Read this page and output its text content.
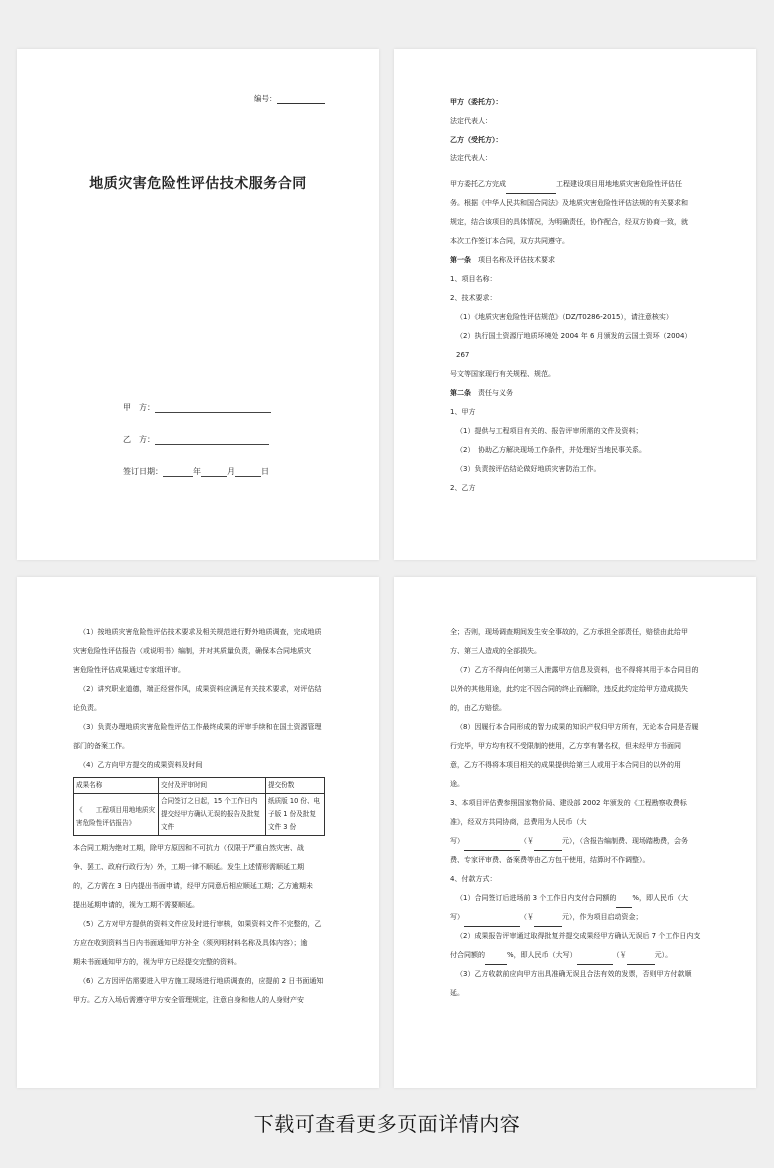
编号：
地质灾害危险性评估技术服务合同
甲　方：
乙　方：
签订日期：	年	月	日

甲方（委托方）：

法定代表人：

乙方（受托方）：

法定代表人：

甲方委托乙方完成	工程建设项目用地地质灾害危险性评估任

务。根据《中华人民共和国合同法》及地质灾害危险性评估法规的有关要求和

规定，结合该项目的具体情况，为明确责任，协作配合，经双方协商一致，就

本次工作签订本合同，双方共同遵守。

第一条　 项目名称及评估技术要求

1、项目名称：

2、技术要求：

（1）《地质灾害危险性评估规范》（DZ/T0286-2015），请注意核实）

（2）执行国土资源厅地质环境处 2004 年 6 月颁发的云国土资环（2004）267

号文等国家现行有关规程、规范。

第二条　 责任与义务

1、甲方

（1）提供与工程项目有关的、报告评审所需的文件及资料；

（2）　协助乙方解决现场工作条件，并处理好当地民事关系。

（3）负责按评估结论做好地质灾害防治工作。

2、乙方

（1）按地质灾害危险性评估技术要求及相关规范进行野外地质调查，完成地质

灾害危险性评估报告（或说明书）编制，并对其质量负责，确保本合同地质灾

害危险性评估成果通过专家组评审。

（2）讲究职业道德，端正经营作风，成果资料应满足有关技术要求，对评估结

论负责。

（3）负责办理地质灾害危险性评估工作最终成果的评审手续和在国土资源管理

部门的备案工作。

（4）乙方向甲方提交的成果资料及时间

成果名称	交付及评审时间	提交份数
《　　工程项目用地地质灾害危险性评估报告》	合同签订之日起，15 个工作日内提交经甲方确认无误的报告及批复文件	纸质版 10 份、电子版 1 份及批复文件 3 份

本合同工期为绝对工期，除甲方原因和不可抗力（仅限于严重自然灾害、战

争、罢工、政府行政行为）外，工期一律不顺延。发生上述情形需顺延工期

的，乙方需在 3 日内提出书面申请，经甲方同意后相应顺延工期；乙方逾期未

提出延期申请的，视为工期不需要顺延。

（5）乙方对甲方提供的资料文件应及时进行审核，如果资料文件不完整的，乙

方应在收到资料当日内书面通知甲方补全（须列明材料名称及具体内容）；逾

期未书面通知甲方的，视为甲方已经提交完整的资料。

（6）乙方因评估需要进入甲方施工现场进行地质调查的，应提前 2 日书面通知

甲方。乙方入场后需遵守甲方安全管理规定，注意自身和他人的人身财产安

全；否则，现场调查期间发生安全事故的，乙方承担全部责任，赔偿由此给甲

方、第三人造成的全部损失。

（7）乙方不得向任何第三人泄露甲方信息及资料，也不得将其用于本合同目的

以外的其他用途，此约定不因合同的终止而解除，违反此约定给甲方造成损失

的，由乙方赔偿。

（8）因履行本合同形成的智力成果的知识产权归甲方所有，无论本合同是否履

行完毕，甲方均有权不受限制的使用，乙方享有署名权，但未经甲方书面同

意，乙方不得将本项目相关的成果提供给第三人或用于本合同目的以外的用

途。

3、本项目评估费参照国家物价局、建设部 2002 年颁发的《工程勘察收费标

准》，经双方共同协商，总费用为人民币（大

写）	（￥	元），（含报告编制费、现场踏勘费，会务

费、专家评审费、备案费等由乙方包干使用，结算时不作调整）。

4、付款方式：

（1）合同签订后进场前 3 个工作日内支付合同额的 %，即人民币（大

写）	（￥	元），作为项目启动资金；

（2）成果报告评审通过取得批复并提交成果经甲方确认无误后 7 个工作日内支

付合同额的	%，即人民币（大写）	（￥	元）。

（3）乙方收款前应向甲方出具准确无误且合法有效的发票，否则甲方付款顺

延。

下载可查看更多页面详情内容
